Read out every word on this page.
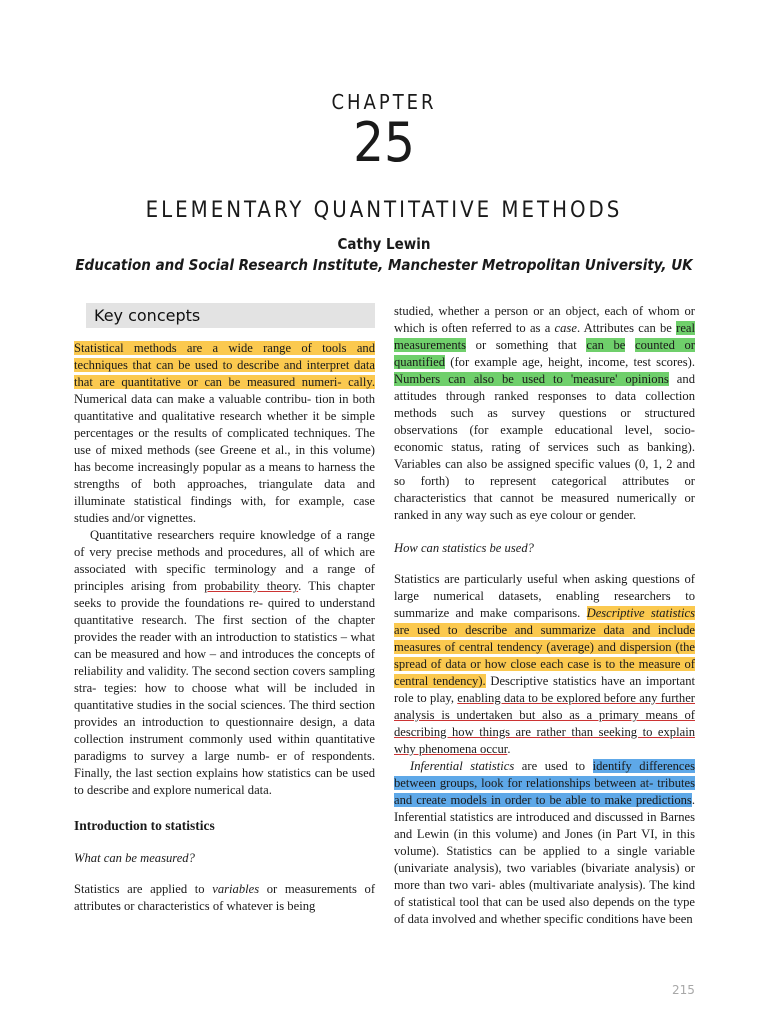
CHAPTER
25
ELEMENTARY QUANTITATIVE METHODS
Cathy Lewin
Education and Social Research Institute, Manchester Metropolitan University, UK
Key concepts

Statistical methods are a wide range of tools and techniques that can be used to describe and interpret data that are quantitative or can be measured numeri- cally. Numerical data can make a valuable contribu- tion in both quantitative and qualitative research whether it be simple percentages or the results of complicated techniques. The use of mixed methods (see Greene et al., in this volume) has become increasingly popular as a means to harness the strengths of both approaches, triangulate data and illuminate statistical findings with, for example, case studies and/or vignettes.

Quantitative researchers require knowledge of a range of very precise methods and procedures, all of which are associated with specific terminology and a range of principles arising from probability theory. This chapter seeks to provide the foundations re- quired to understand quantitative research. The first section of the chapter provides the reader with an introduction to statistics – what can be measured and how – and introduces the concepts of reliability and validity. The second section covers sampling stra- tegies: how to choose what will be included in quantitative studies in the social sciences. The third section provides an introduction to questionnaire design, a data collection instrument commonly used within quantitative paradigms to survey a large numb- er of respondents. Finally, the last section explains how statistics can be used to describe and explore numerical data.

Introduction to statistics

What can be measured?

Statistics are applied to variables or measurements of attributes or characteristics of whatever is being

studied, whether a person or an object, each of whom or which is often referred to as a case. Attributes can be real measurements or something that can be counted or quantified (for example age, height, income, test scores). Numbers can also be used to 'measure' opinions and attitudes through ranked responses to data collection methods such as survey questions or structured observations (for example educational level, socio-economic status, rating of services such as banking). Variables can also be assigned specific values (0, 1, 2 and so forth) to represent categorical attributes or characteristics that cannot be measured numerically or ranked in any way such as eye colour or gender.

How can statistics be used?

Statistics are particularly useful when asking questions of large numerical datasets, enabling researchers to summarize and make comparisons. Descriptive statistics are used to describe and summarize data and include measures of central tendency (average) and dispersion (the spread of data or how close each case is to the measure of central tendency). Descriptive statistics have an important role to play, enabling data to be explored before any further analysis is undertaken but also as a primary means of describing how things are rather than seeking to explain why phenomena occur.

Inferential statistics are used to identify differences between groups, look for relationships between at- tributes and create models in order to be able to make predictions. Inferential statistics are introduced and discussed in Barnes and Lewin (in this volume) and Jones (in Part VI, in this volume). Statistics can be applied to a single variable (univariate analysis), two variables (bivariate analysis) or more than two vari- ables (multivariate analysis). The kind of statistical tool that can be used also depends on the type of data involved and whether specific conditions have been

215
